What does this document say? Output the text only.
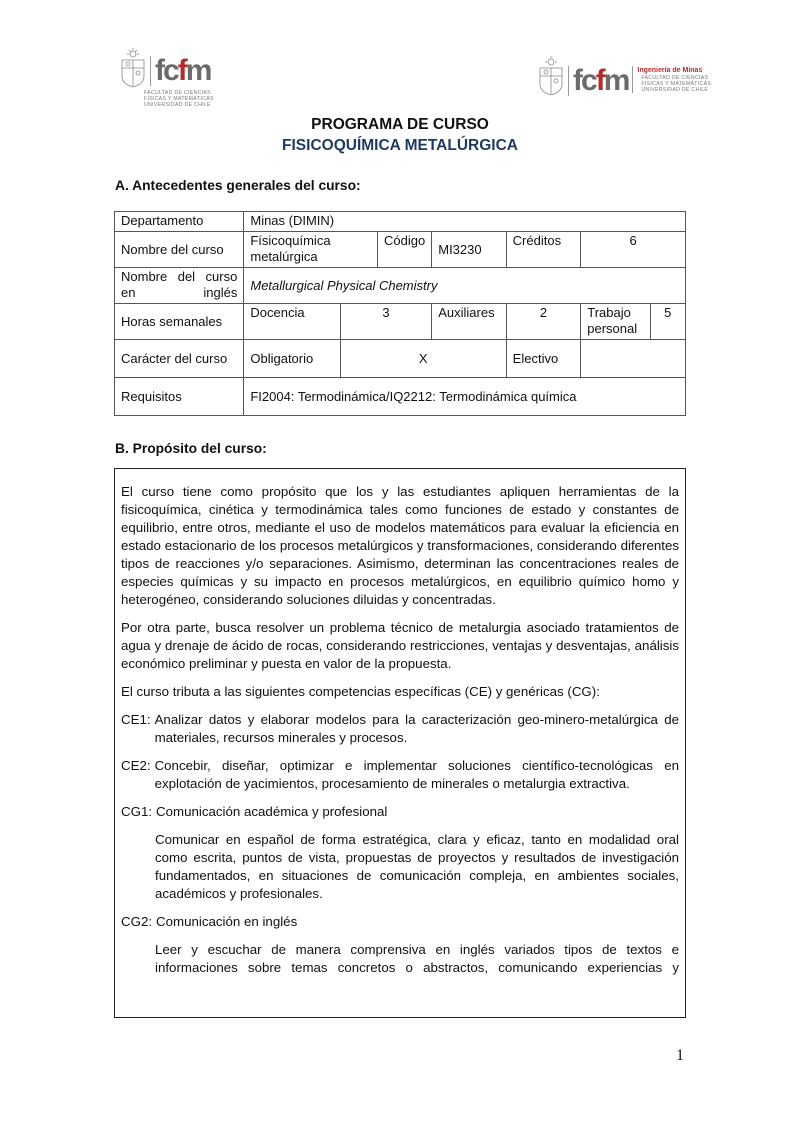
fcfm
FACULTAD DE CIENCIAS
FÍSICAS Y MATEMÁTICAS
UNIVERSIDAD DE CHILE
fcfm Ingeniería de Minas
FACULTAD DE CIENCIAS
FÍSICAS Y MATEMÁTICAS
UNIVERSIDAD DE CHILE
PROGRAMA DE CURSO
FISICOQUÍMICA METALÚRGICA
A. Antecedentes generales del curso:
Departamento	Minas (DIMIN)						
Nombre del curso	Físicoquímica metalúrgica		Código	MI3230	Créditos	6	
Nombre del curso en inglés	Metallurgical Physical Chemistry						
Horas semanales	Docencia	3		Auxiliares	2	Trabajo personal	5
Carácter del curso	Obligatorio	X			Electivo		
Requisitos	FI2004: Termodinámica/IQ2212: Termodinámica química						
B. Propósito del curso:

El curso tiene como propósito que los y las estudiantes apliquen herramientas de la fisicoquímica, cinética y termodinámica tales como funciones de estado y constantes de equilibrio, entre otros, mediante el uso de modelos matemáticos para evaluar la eficiencia en estado estacionario de los procesos metalúrgicos y transformaciones, considerando diferentes tipos de reacciones y/o separaciones. Asimismo, determinan las concentraciones reales de especies químicas y su impacto en procesos metalúrgicos, en equilibrio químico homo y heterogéneo, considerando soluciones diluidas y concentradas.

Por otra parte, busca resolver un problema técnico de metalurgia asociado tratamientos de agua y drenaje de ácido de rocas, considerando restricciones, ventajas y desventajas, análisis económico preliminar y puesta en valor de la propuesta.

El curso tributa a las siguientes competencias específicas (CE) y genéricas (CG):

CE1: Analizar datos y elaborar modelos para la caracterización geo-minero-metalúrgica de materiales, recursos minerales y procesos.
CE2: Concebir, diseñar, optimizar e implementar soluciones científico-tecnológicas en explotación de yacimientos, procesamiento de minerales o metalurgia extractiva.
CG1: Comunicación académica y profesional

Comunicar en español de forma estratégica, clara y eficaz, tanto en modalidad oral como escrita, puntos de vista, propuestas de proyectos y resultados de investigación fundamentados, en situaciones de comunicación compleja, en ambientes sociales, académicos y profesionales.

CG2: Comunicación en inglés

Leer y escuchar de manera comprensiva en inglés variados tipos de textos e informaciones sobre temas concretos o abstractos, comunicando experiencias y

1
